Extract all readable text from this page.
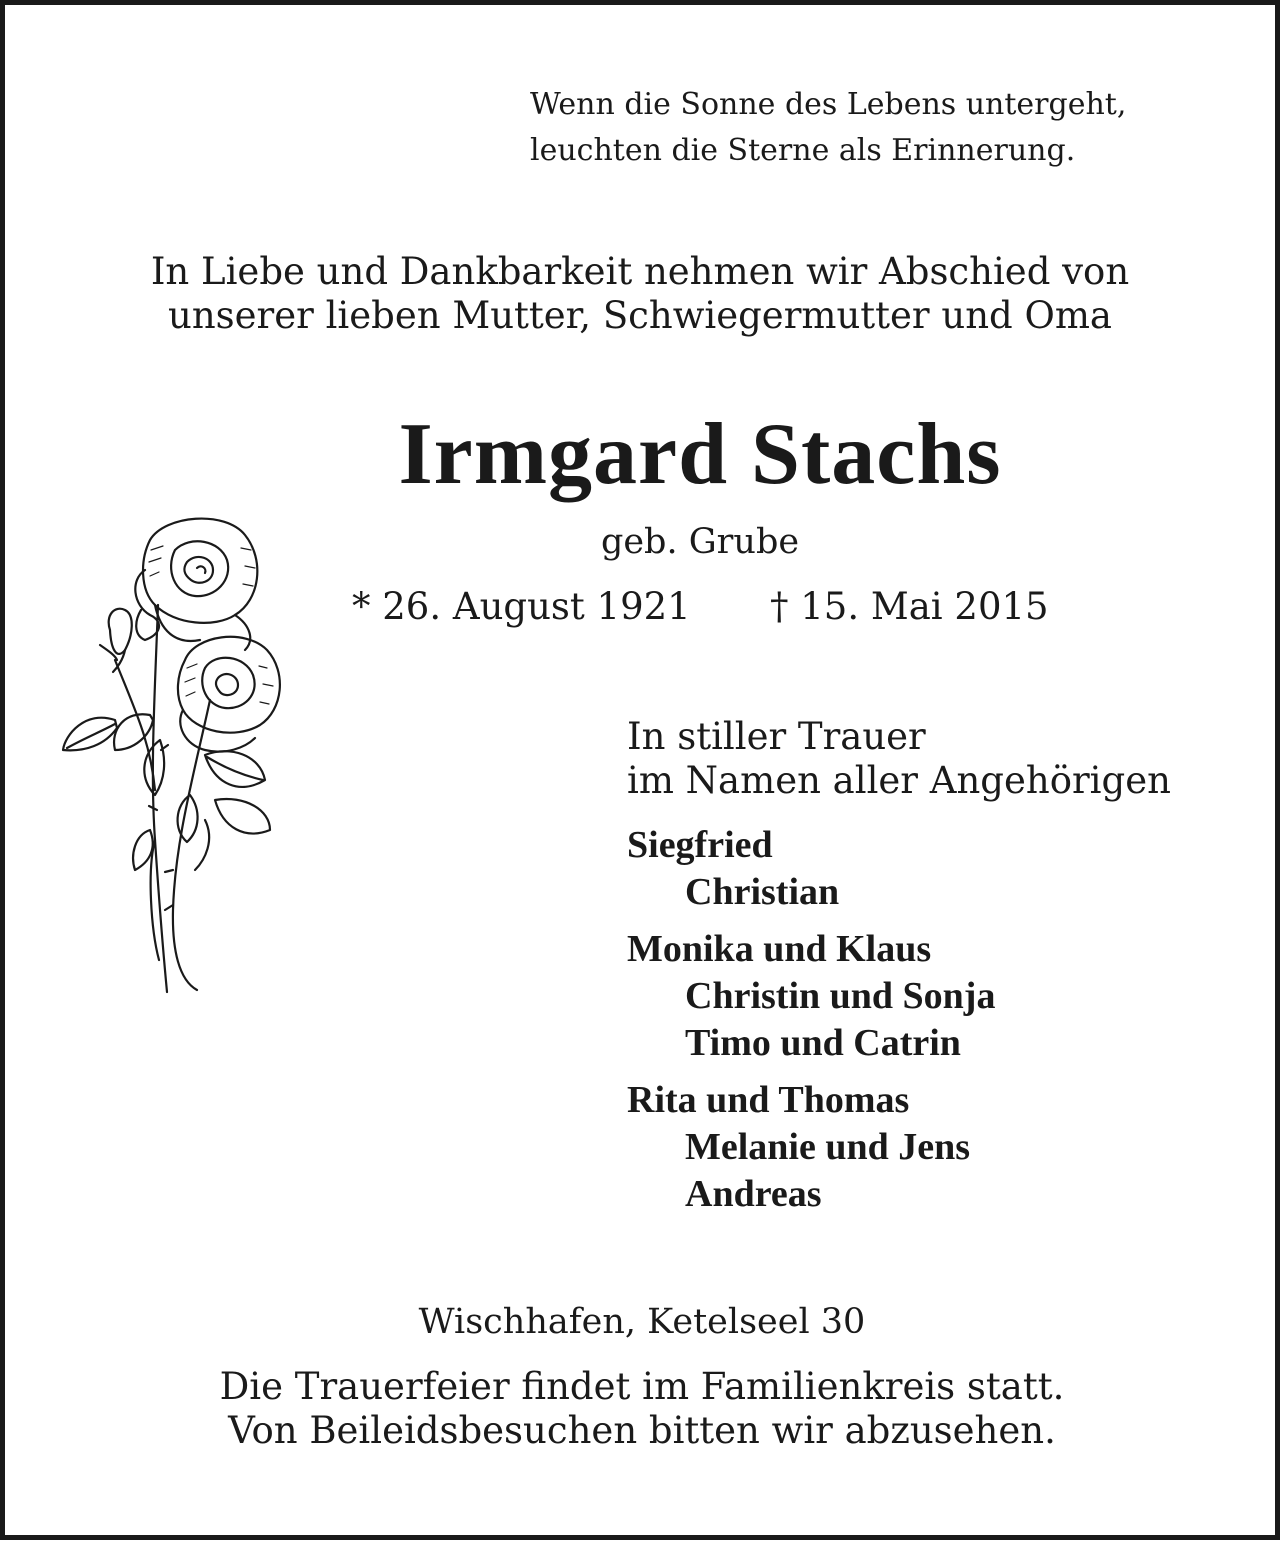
Wenn die Sonne des Lebens untergeht,
leuchten die Sterne als Erinnerung.
In Liebe und Dankbarkeit nehmen wir Abschied von
unserer lieben Mutter, Schwiegermutter und Oma
Irmgard Stachs
geb. Grube
* 26. August 1921 † 15. Mai 2015
In stiller Trauer
im Namen aller Angehörigen
Siegfried
Christian
Monika und Klaus
Christin und Sonja
Timo und Catrin
Rita und Thomas
Melanie und Jens
Andreas
Wischhafen, Ketelseel 30
Die Trauerfeier findet im Familienkreis statt.
Von Beileidsbesuchen bitten wir abzusehen.
